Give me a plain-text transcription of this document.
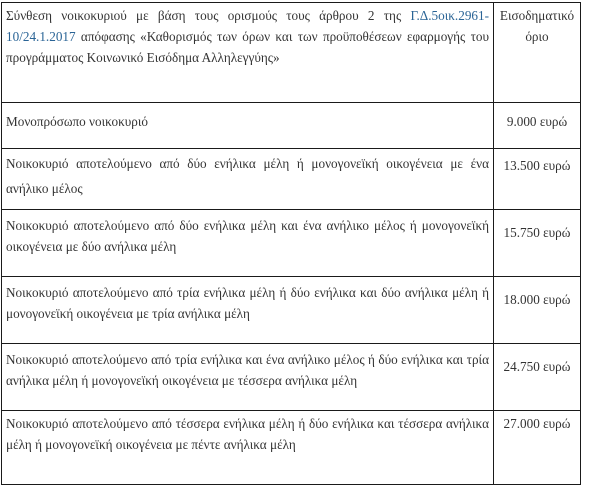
Σύνθεση νοικοκυριού με βάση τους ορισμούς τους άρθρου 2 της Γ.Δ.5οικ.2961-10/24.1.2017 απόφασης «Καθορισμός των όρων και των προϋποθέσεων εφαρμογής του προγράμματος Κοινωνικό Εισόδημα Αλληλεγγύης»	Εισοδηματικό
όριο

Μονοπρόσωπο νοικοκυριό	9.000 ευρώ
Νοικοκυριό αποτελούμενο από δύο ενήλικα μέλη ή μονογονεϊκή οικογένεια με ένα ανήλικο μέλος	13.500 ευρώ
Νοικοκυριό αποτελούμενο από δύο ενήλικα μέλη και ένα ανήλικο μέλος ή μονογονεϊκή οικογένεια με δύο ανήλικα μέλη	15.750 ευρώ
Νοικοκυριό αποτελούμενο από τρία ενήλικα μέλη ή δύο ενήλικα και δύο ανήλικα μέλη ή μονογονεϊκή οικογένεια με τρία ανήλικα μέλη	18.000 ευρώ
Νοικοκυριό αποτελούμενο από τρία ενήλικα και ένα ανήλικο μέλος ή δύο ενήλικα και τρία ανήλικα μέλη ή μονογονεϊκή οικογένεια με τέσσερα ανήλικα μέλη	24.750 ευρώ
Νοικοκυριό αποτελούμενο από τέσσερα ενήλικα μέλη ή δύο ενήλικα και τέσσερα ανήλικα μέλη ή μονογονεϊκή οικογένεια με πέντε ανήλικα μέλη	27.000 ευρώ
